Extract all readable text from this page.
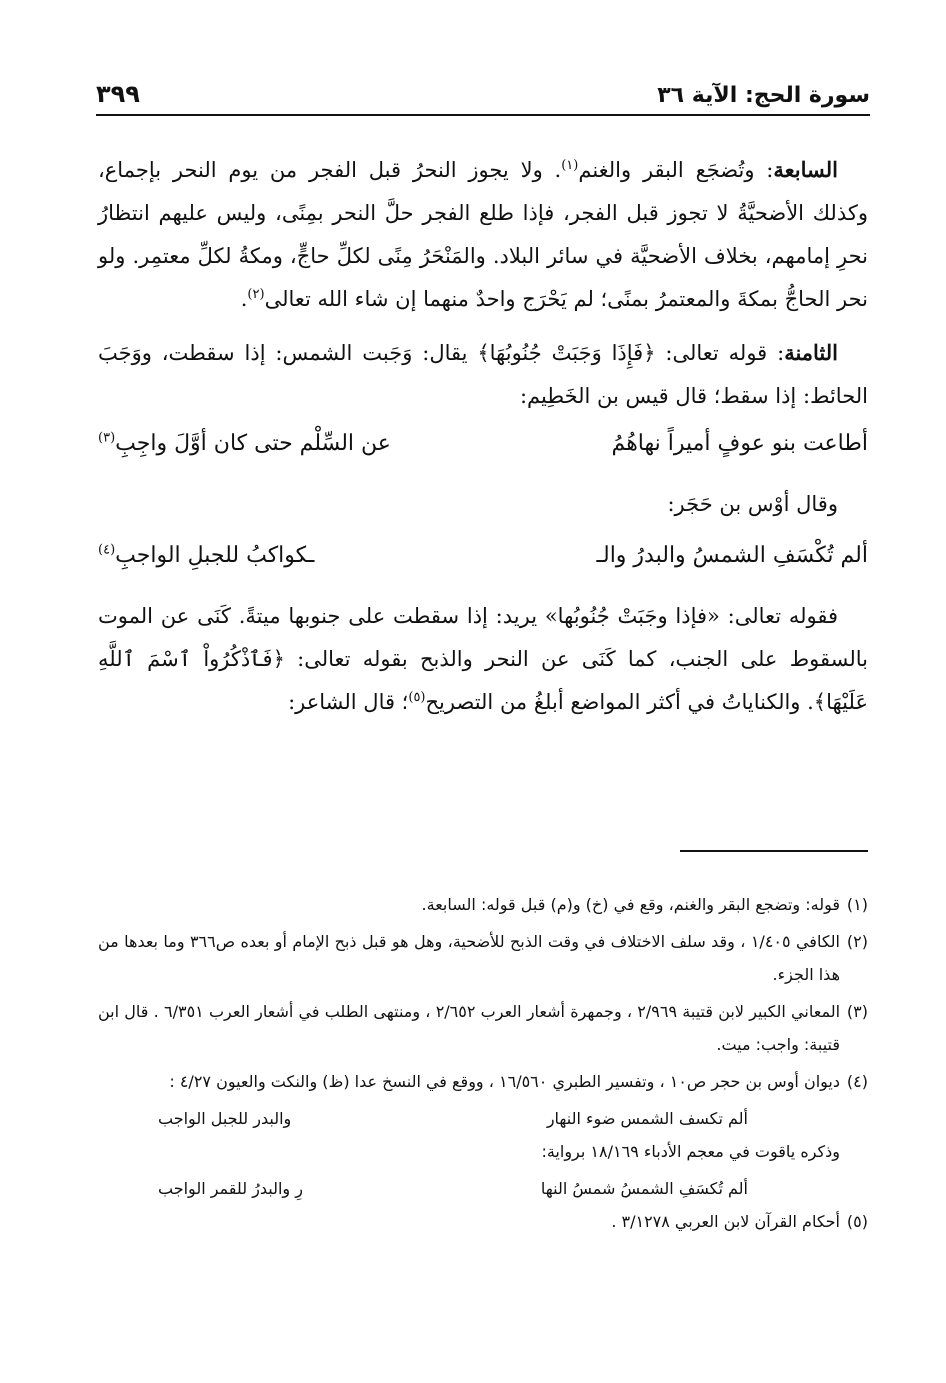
سورة الحج: الآية ٣٦
٣٩٩

السابعة: وتُضجَع البقر والغنم$^{(١)}$. ولا يجوز النحرُ قبل الفجر من يوم النحر بإجماع، وكذلك الأضحيَّةُ لا تجوز قبل الفجر، فإذا طلع الفجر حلَّ النحر بمِنًى، وليس عليهم انتظارُ نحرِ إمامهم، بخلاف الأضحيَّة في سائر البلاد. والمَنْحَرُ مِنًى لكلِّ حاجٍّ، ومكةُ لكلِّ معتمِر. ولو نحر الحاجُّ بمكةَ والمعتمرُ بمنًى؛ لم يَحْرَج واحدٌ منهما إن شاء الله تعالى$^{(٢)}$.

الثامنة: قوله تعالى: ﴿فَإِذَا وَجَبَتْ جُنُوبُهَا﴾ يقال: وَجَبت الشمس: إذا سقطت، ووَجَبَ الحائط: إذا سقط؛ قال قيس بن الخَطِيم:

أطاعت بنو عوفٍ أميراً نهاهُمُ
عن السِّلْم حتى كان أوَّلَ واجِبِ$^{(٣)}$

وقال أوْس بن حَجَر:

ألم تُكْسَفِ الشمسُ والبدرُ والـ
ـكواكبُ للجبلِ الواجبِ$^{(٤)}$

فقوله تعالى: «فإذا وجَبَتْ جُنُوبُها» يريد: إذا سقطت على جنوبها ميتةً. كَنَى عن الموت بالسقوط على الجنب، كما كَنَى عن النحر والذبح بقوله تعالى: ﴿فَٱذْكُرُواْ ٱسْمَ ٱللَّهِ عَلَيْهَا﴾. والكناياتُ في أكثر المواضع أبلغُ من التصريح$^{(٥)}$؛ قال الشاعر:

(١)قوله: وتضجع البقر والغنم، وقع في (خ) و(م) قبل قوله: السابعة.

(٢)الكافي ١/٤٠٥ ، وقد سلف الاختلاف في وقت الذبح للأضحية، وهل هو قبل ذبح الإمام أو بعده ص٣٦٦ وما بعدها من هذا الجزء.

(٣)المعاني الكبير لابن قتيبة ٢/٩٦٩ ، وجمهرة أشعار العرب ٢/٦٥٢ ، ومنتهى الطلب في أشعار العرب ٦/٣٥١ . قال ابن قتيبة: واجب: ميت.

(٤)ديوان أوس بن حجر ص١٠ ، وتفسير الطبري ١٦/٥٦٠ ، ووقع في النسخ عدا (ظ) والنكت والعيون ٤/٢٧ :

ألم تكسف الشمس ضوء النهار
والبدر للجبل الواجب

وذكره ياقوت في معجم الأدباء ١٨/١٦٩ برواية:

ألم تُكسَفِ الشمسُ شمسُ النها
رِ والبدرُ للقمر الواجب

(٥)أحكام القرآن لابن العربي ٣/١٢٧٨ .
